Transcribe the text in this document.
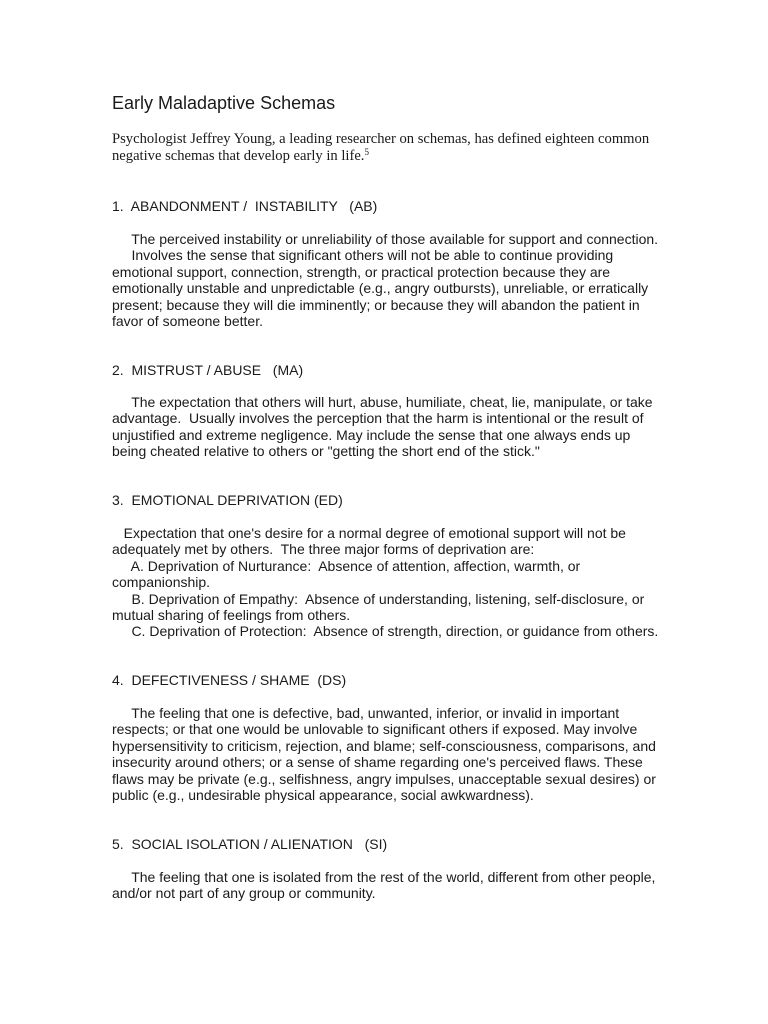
Early Maladaptive Schemas
Psychologist Jeffrey Young, a leading researcher on schemas, has defined eighteen common
negative schemas that develop early in life.$^5$
1.  ABANDONMENT /  INSTABILITY   (AB)
The perceived instability or unreliability of those available for support and connection.
Involves the sense that significant others will not be able to continue providing
emotional support, connection, strength, or practical protection because they are
emotionally unstable and unpredictable (e.g., angry outbursts), unreliable, or erratically
present; because they will die imminently; or because they will abandon the patient in
favor of someone better.
2.  MISTRUST / ABUSE   (MA)
The expectation that others will hurt, abuse, humiliate, cheat, lie, manipulate, or take
advantage.  Usually involves the perception that the harm is intentional or the result of
unjustified and extreme negligence. May include the sense that one always ends up
being cheated relative to others or "getting the short end of the stick."
3.  EMOTIONAL DEPRIVATION (ED)
Expectation that one's desire for a normal degree of emotional support will not be
adequately met by others.  The three major forms of deprivation are:
A. Deprivation of Nurturance:  Absence of attention, affection, warmth, or
companionship.
B. Deprivation of Empathy:  Absence of understanding, listening, self-disclosure, or
mutual sharing of feelings from others.
C. Deprivation of Protection:  Absence of strength, direction, or guidance from others.
4.  DEFECTIVENESS / SHAME  (DS)
The feeling that one is defective, bad, unwanted, inferior, or invalid in important
respects; or that one would be unlovable to significant others if exposed. May involve
hypersensitivity to criticism, rejection, and blame; self-consciousness, comparisons, and
insecurity around others; or a sense of shame regarding one's perceived flaws. These
flaws may be private (e.g., selfishness, angry impulses, unacceptable sexual desires) or
public (e.g., undesirable physical appearance, social awkwardness).
5.  SOCIAL ISOLATION / ALIENATION   (SI)
The feeling that one is isolated from the rest of the world, different from other people,
and/or not part of any group or community.
